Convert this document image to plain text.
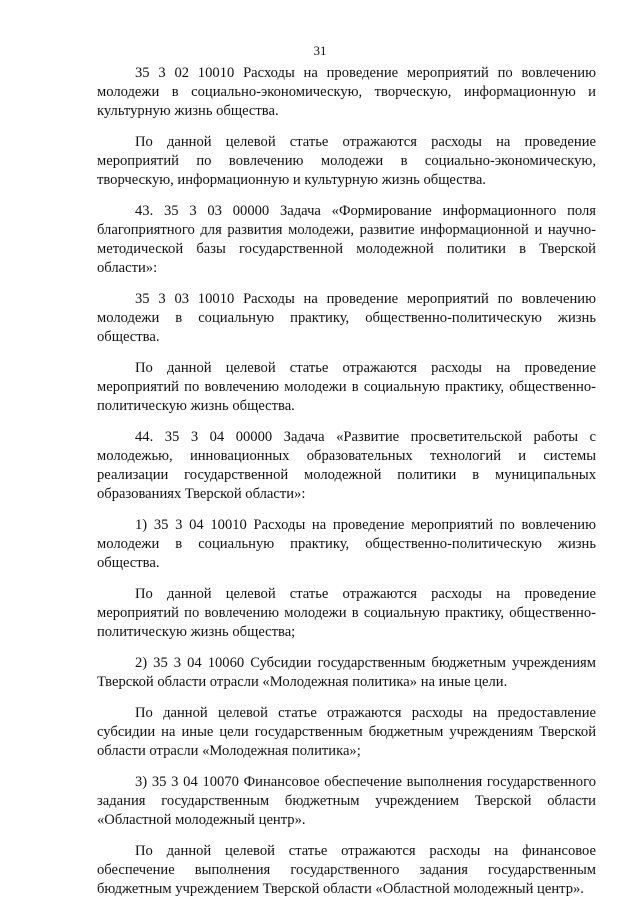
31

35 3 02 10010 Расходы на проведение мероприятий по вовлечению молодежи в социально-экономическую, творческую, информационную и культурную жизнь общества.

По данной целевой статье отражаются расходы на проведение мероприятий по вовлечению молодежи в социально-экономическую, творческую, информационную и культурную жизнь общества.

43. 35 3 03 00000 Задача «Формирование информационного поля благоприятного для развития молодежи, развитие информационной и научно-методической базы государственной молодежной политики в Тверской области»:

35 3 03 10010 Расходы на проведение мероприятий по вовлечению молодежи в социальную практику, общественно-политическую жизнь общества.

По данной целевой статье отражаются расходы на проведение мероприятий по вовлечению молодежи в социальную практику, общественно-политическую жизнь общества.

44. 35 3 04 00000 Задача «Развитие просветительской работы с молодежью, инновационных образовательных технологий и системы реализации государственной молодежной политики в муниципальных образованиях Тверской области»:

1) 35 3 04 10010 Расходы на проведение мероприятий по вовлечению молодежи в социальную практику, общественно-политическую жизнь общества.

По данной целевой статье отражаются расходы на проведение мероприятий по вовлечению молодежи в социальную практику, общественно-политическую жизнь общества;

2) 35 3 04 10060 Субсидии государственным бюджетным учреждениям Тверской области отрасли «Молодежная политика» на иные цели.

По данной целевой статье отражаются расходы на предоставление субсидии на иные цели государственным бюджетным учреждениям Тверской области отрасли «Молодежная политика»;

3) 35 3 04 10070 Финансовое обеспечение выполнения государственного задания государственным бюджетным учреждением Тверской области «Областной молодежный центр».

По данной целевой статье отражаются расходы на финансовое обеспечение выполнения государственного задания государственным бюджетным учреждением Тверской области «Областной молодежный центр».
